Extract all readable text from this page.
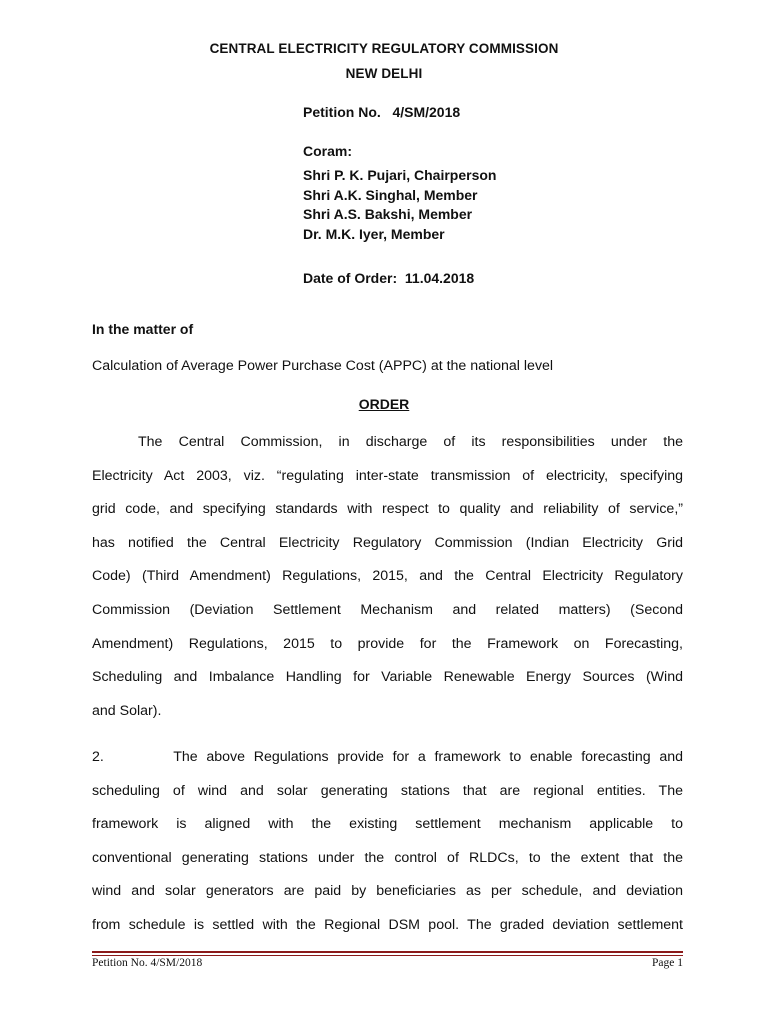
CENTRAL ELECTRICITY REGULATORY COMMISSION
NEW DELHI
Petition No.   4/SM/2018
Coram:
Shri P. K. Pujari, Chairperson
Shri A.K. Singhal, Member
Shri A.S. Bakshi, Member
Dr. M.K. Iyer, Member
Date of Order:  11.04.2018
In the matter of
Calculation of Average Power Purchase Cost (APPC) at the national level
ORDER
The Central Commission, in discharge of its responsibilities under the
Electricity Act 2003, viz. “regulating inter-state transmission of electricity, specifying
grid code, and specifying standards with respect to quality and reliability of service,”
has notified the Central Electricity Regulatory Commission (Indian Electricity Grid
Code) (Third Amendment) Regulations, 2015, and the Central Electricity Regulatory
Commission (Deviation Settlement Mechanism and related matters) (Second
Amendment) Regulations, 2015 to provide for the Framework on Forecasting,
Scheduling and Imbalance Handling for Variable Renewable Energy Sources (Wind
and Solar).
2.        The above Regulations provide for a framework to enable forecasting and
scheduling of wind and solar generating stations that are regional entities. The
framework is aligned with the existing settlement mechanism applicable to
conventional generating stations under the control of RLDCs, to the extent that the
wind and solar generators are paid by beneficiaries as per schedule, and deviation
from schedule is settled with the Regional DSM pool. The graded deviation settlement
Petition No. 4/SM/2018	Page 1
